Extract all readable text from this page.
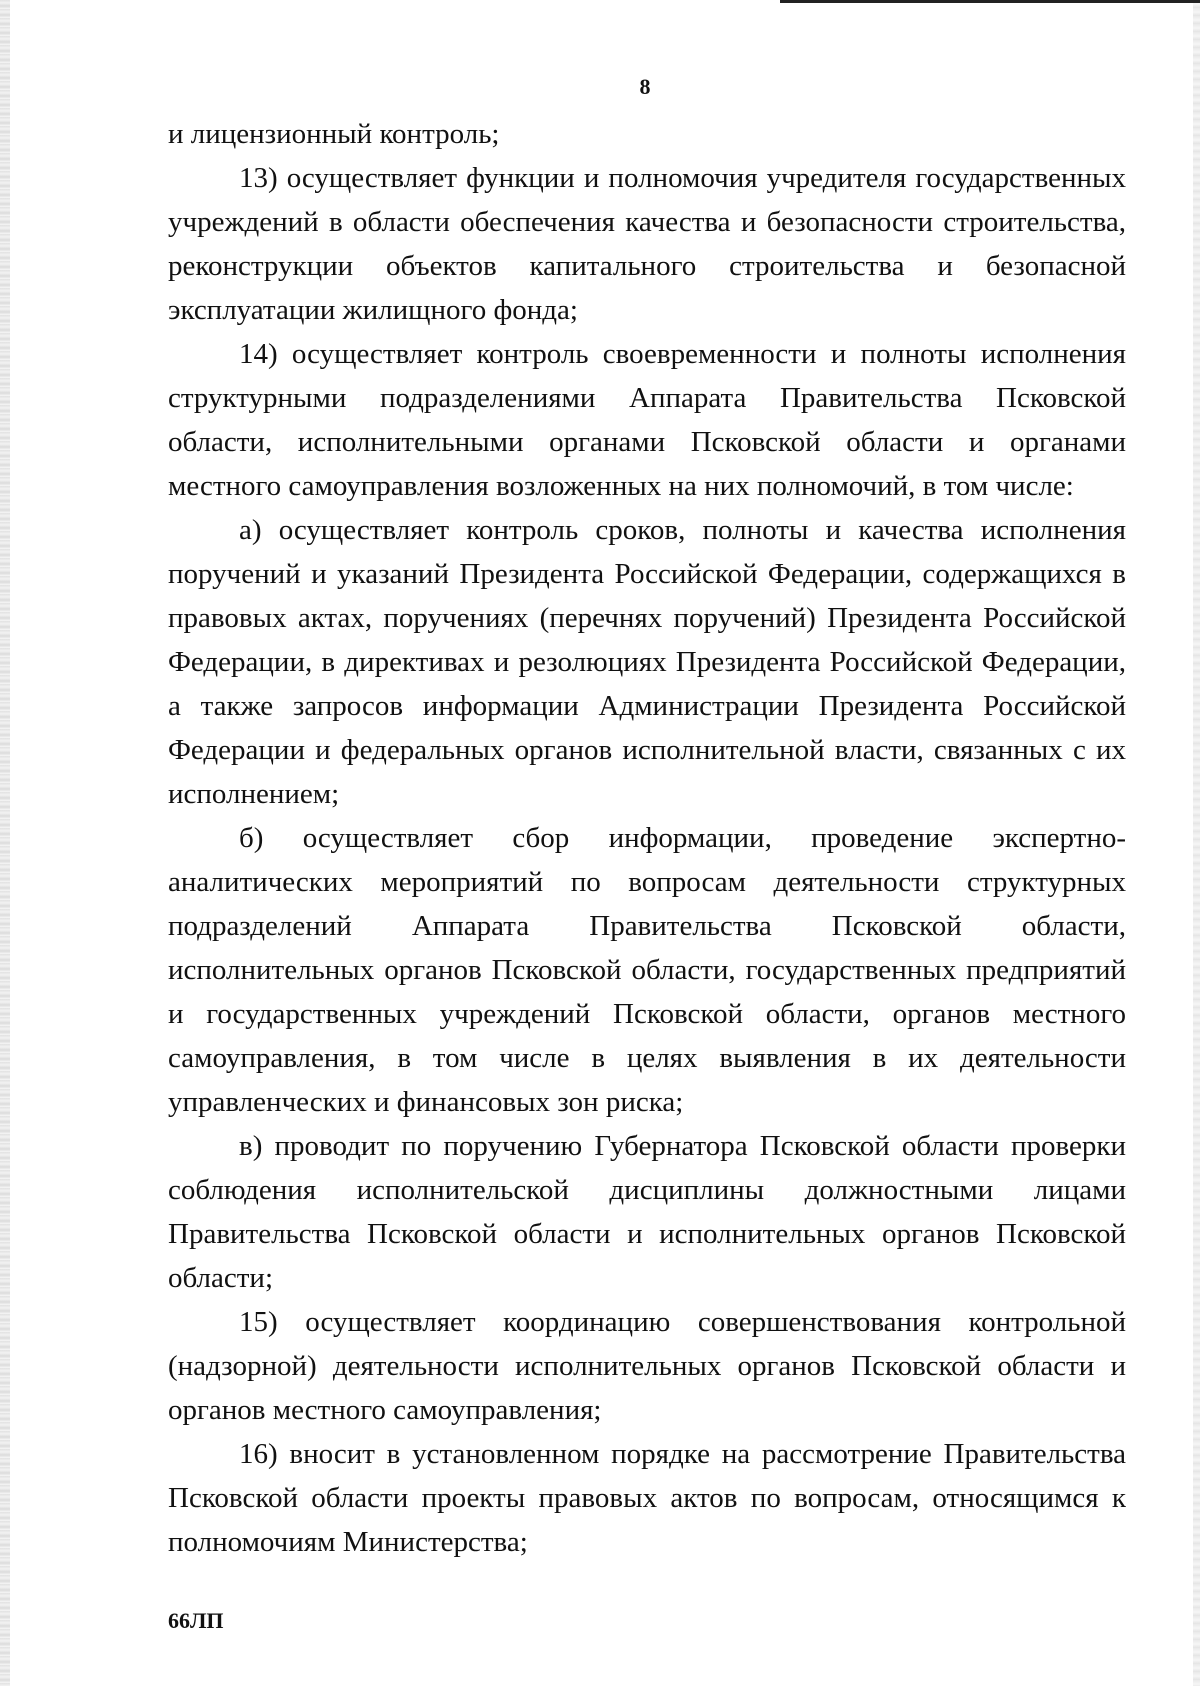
8

и лицензионный контроль;

13) осуществляет функции и полномочия учредителя государственных учреждений в области обеспечения качества и безопасности строительства, реконструкции объектов капитального строительства и безопасной эксплуатации жилищного фонда;

14) осуществляет контроль своевременности и полноты исполнения структурными подразделениями Аппарата Правительства Псковской области, исполнительными органами Псковской области и органами местного самоуправления возложенных на них полномочий, в том числе:

а) осуществляет контроль сроков, полноты и качества исполнения поручений и указаний Президента Российской Федерации, содержащихся в правовых актах, поручениях (перечнях поручений) Президента Российской Федерации, в директивах и резолюциях Президента Российской Федерации, а также запросов информации Администрации Президента Российской Федерации и федеральных органов исполнительной власти, связанных с их исполнением;

б) осуществляет сбор информации, проведение экспертно-аналитических мероприятий по вопросам деятельности структурных подразделений Аппарата Правительства Псковской области, исполнительных органов Псковской области, государственных предприятий и государственных учреждений Псковской области, органов местного самоуправления, в том числе в целях выявления в их деятельности управленческих и финансовых зон риска;

в) проводит по поручению Губернатора Псковской области проверки соблюдения исполнительской дисциплины должностными лицами Правительства Псковской области и исполнительных органов Псковской области;

15) осуществляет координацию совершенствования контрольной (надзорной) деятельности исполнительных органов Псковской области и органов местного самоуправления;

16) вносит в установленном порядке на рассмотрение Правительства Псковской области проекты правовых актов по вопросам, относящимся к полномочиям Министерства;

66ЛП
